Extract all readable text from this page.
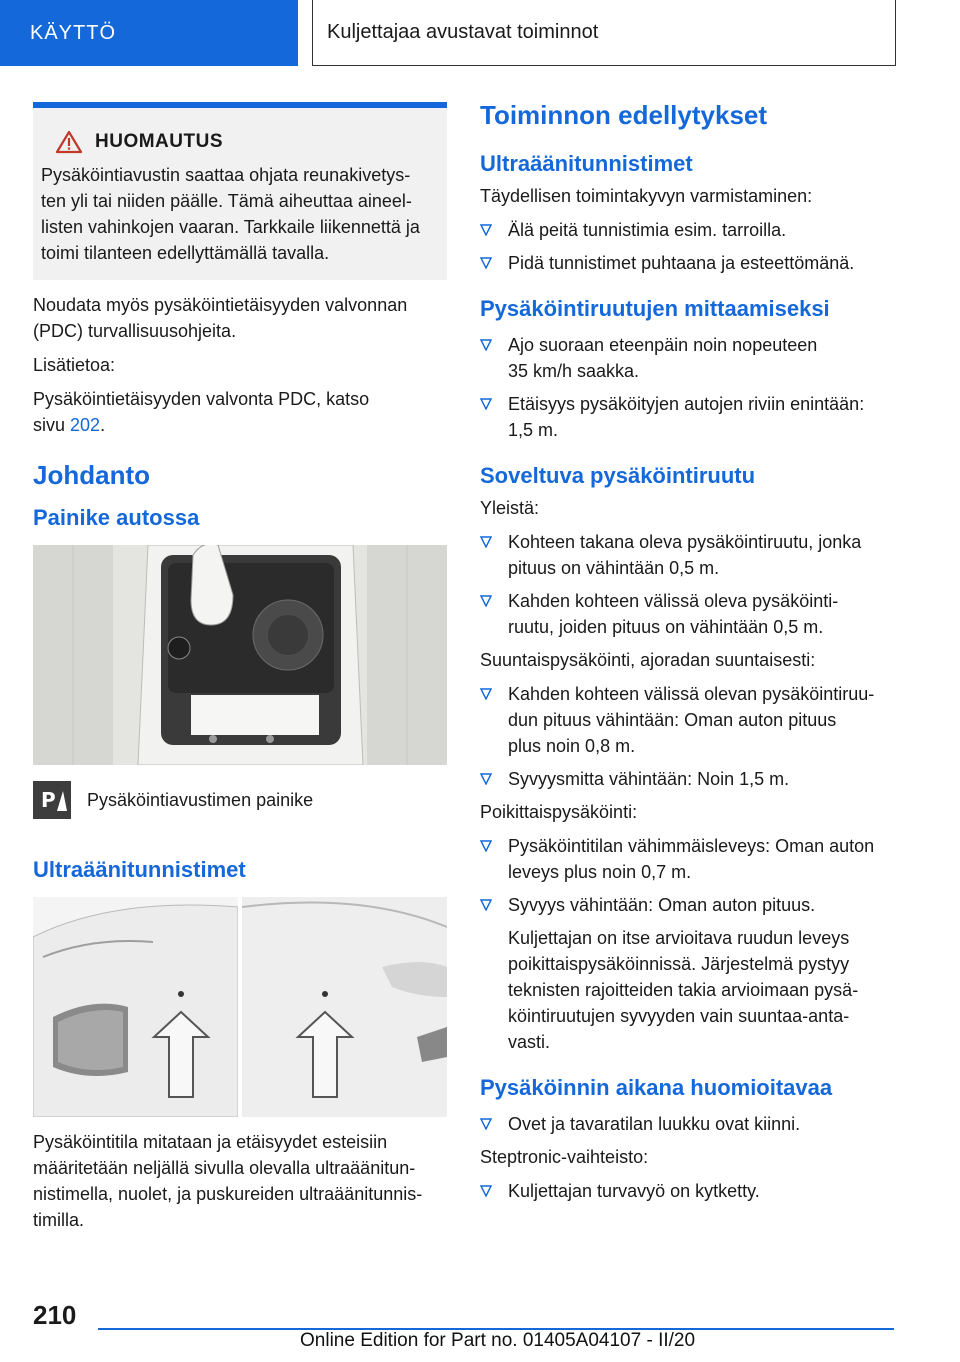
KÄYTTÖ	Kuljettajaa avustavat toiminnot
HUOMAUTUS
Pysäköintiavustin saattaa ohjata reunakivetys-
ten yli tai niiden päälle. Tämä aiheuttaa aineel-
listen vahinkojen vaaran. Tarkkaile liikennettä ja
toimi tilanteen edellyttämällä tavalla.

Noudata myös pysäköintietäisyyden valvonnan
(PDC) turvallisuusohjeita.

Lisätietoa:

Pysäköintietäisyyden valvonta PDC, katso
sivu 202.

Johdanto
Painike autossa
P Pysäköintiavustimen painike
Ultraäänitunnistimet

Pysäköintitila mitataan ja etäisyydet esteisiin
määritetään neljällä sivulla olevalla ultraäänitun-
nistimella, nuolet, ja puskureiden ultraäänitunnis-
timilla.

Toiminnon edellytykset
Ultraäänitunnistimet

Täydellisen toimintakyvyn varmistaminen:

Älä peitä tunnistimia esim. tarroilla.
Pidä tunnistimet puhtaana ja esteettömänä.
Pysäköintiruutujen mittaamiseksi
Ajo suoraan eteenpäin noin nopeuteen
35 km/h saakka.
Etäisyys pysäköityjen autojen riviin enintään:
1,5 m.
Soveltuva pysäköintiruutu

Yleistä:

Kohteen takana oleva pysäköintiruutu, jonka
pituus on vähintään 0,5 m.
Kahden kohteen välissä oleva pysäköinti-
ruutu, joiden pituus on vähintään 0,5 m.

Suuntaispysäköinti, ajoradan suuntaisesti:

Kahden kohteen välissä olevan pysäköintiruu-
dun pituus vähintään: Oman auton pituus
plus noin 0,8 m.
Syvyysmitta vähintään: Noin 1,5 m.

Poikittaispysäköinti:

Pysäköintitilan vähimmäisleveys: Oman auton
leveys plus noin 0,7 m.
Syvyys vähintään: Oman auton pituus.

Kuljettajan on itse arvioitava ruudun leveys
poikittaispysäköinnissä. Järjestelmä pystyy
teknisten rajoitteiden takia arvioimaan pysä-
köintiruutujen syvyyden vain suuntaa-anta-
vasti.

Pysäköinnin aikana huomioitavaa
Ovet ja tavaratilan luukku ovat kiinni.

Steptronic-vaihteisto:

Kuljettajan turvavyö on kytketty.
210
Online Edition for Part no. 01405A04107 - II/20
